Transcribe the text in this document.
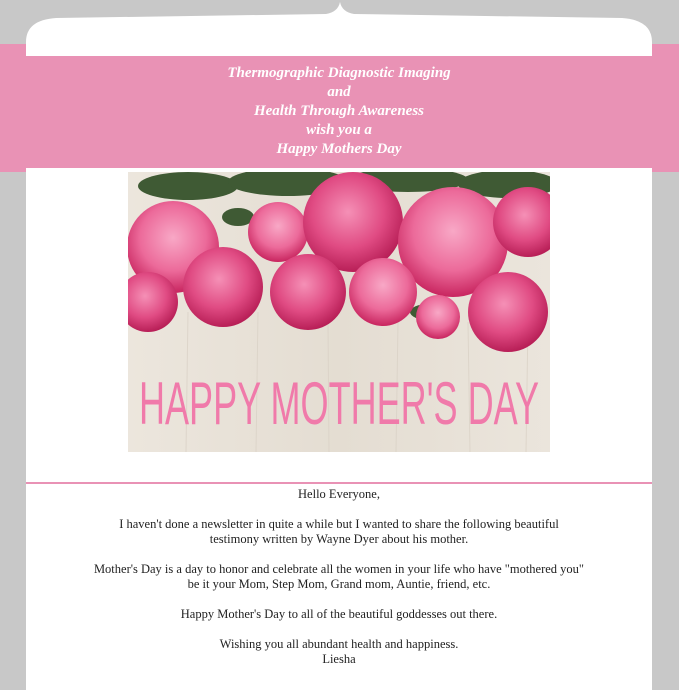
Thermographic Diagnostic Imaging
and
Health Through Awareness
wish you a
Happy Mothers Day
HAPPY MOTHER'S DAY

Hello Everyone,

I haven't done a newsletter in quite a while but I wanted to share the following beautiful

testimony written by Wayne Dyer about his mother.

Mother's Day is a day to honor and celebrate all the women in your life who have "mothered you"

be it your Mom, Step Mom, Grand mom, Auntie, friend, etc.

Happy Mother's Day to all of the beautiful goddesses out there.

Wishing you all abundant health and happiness.

Liesha
